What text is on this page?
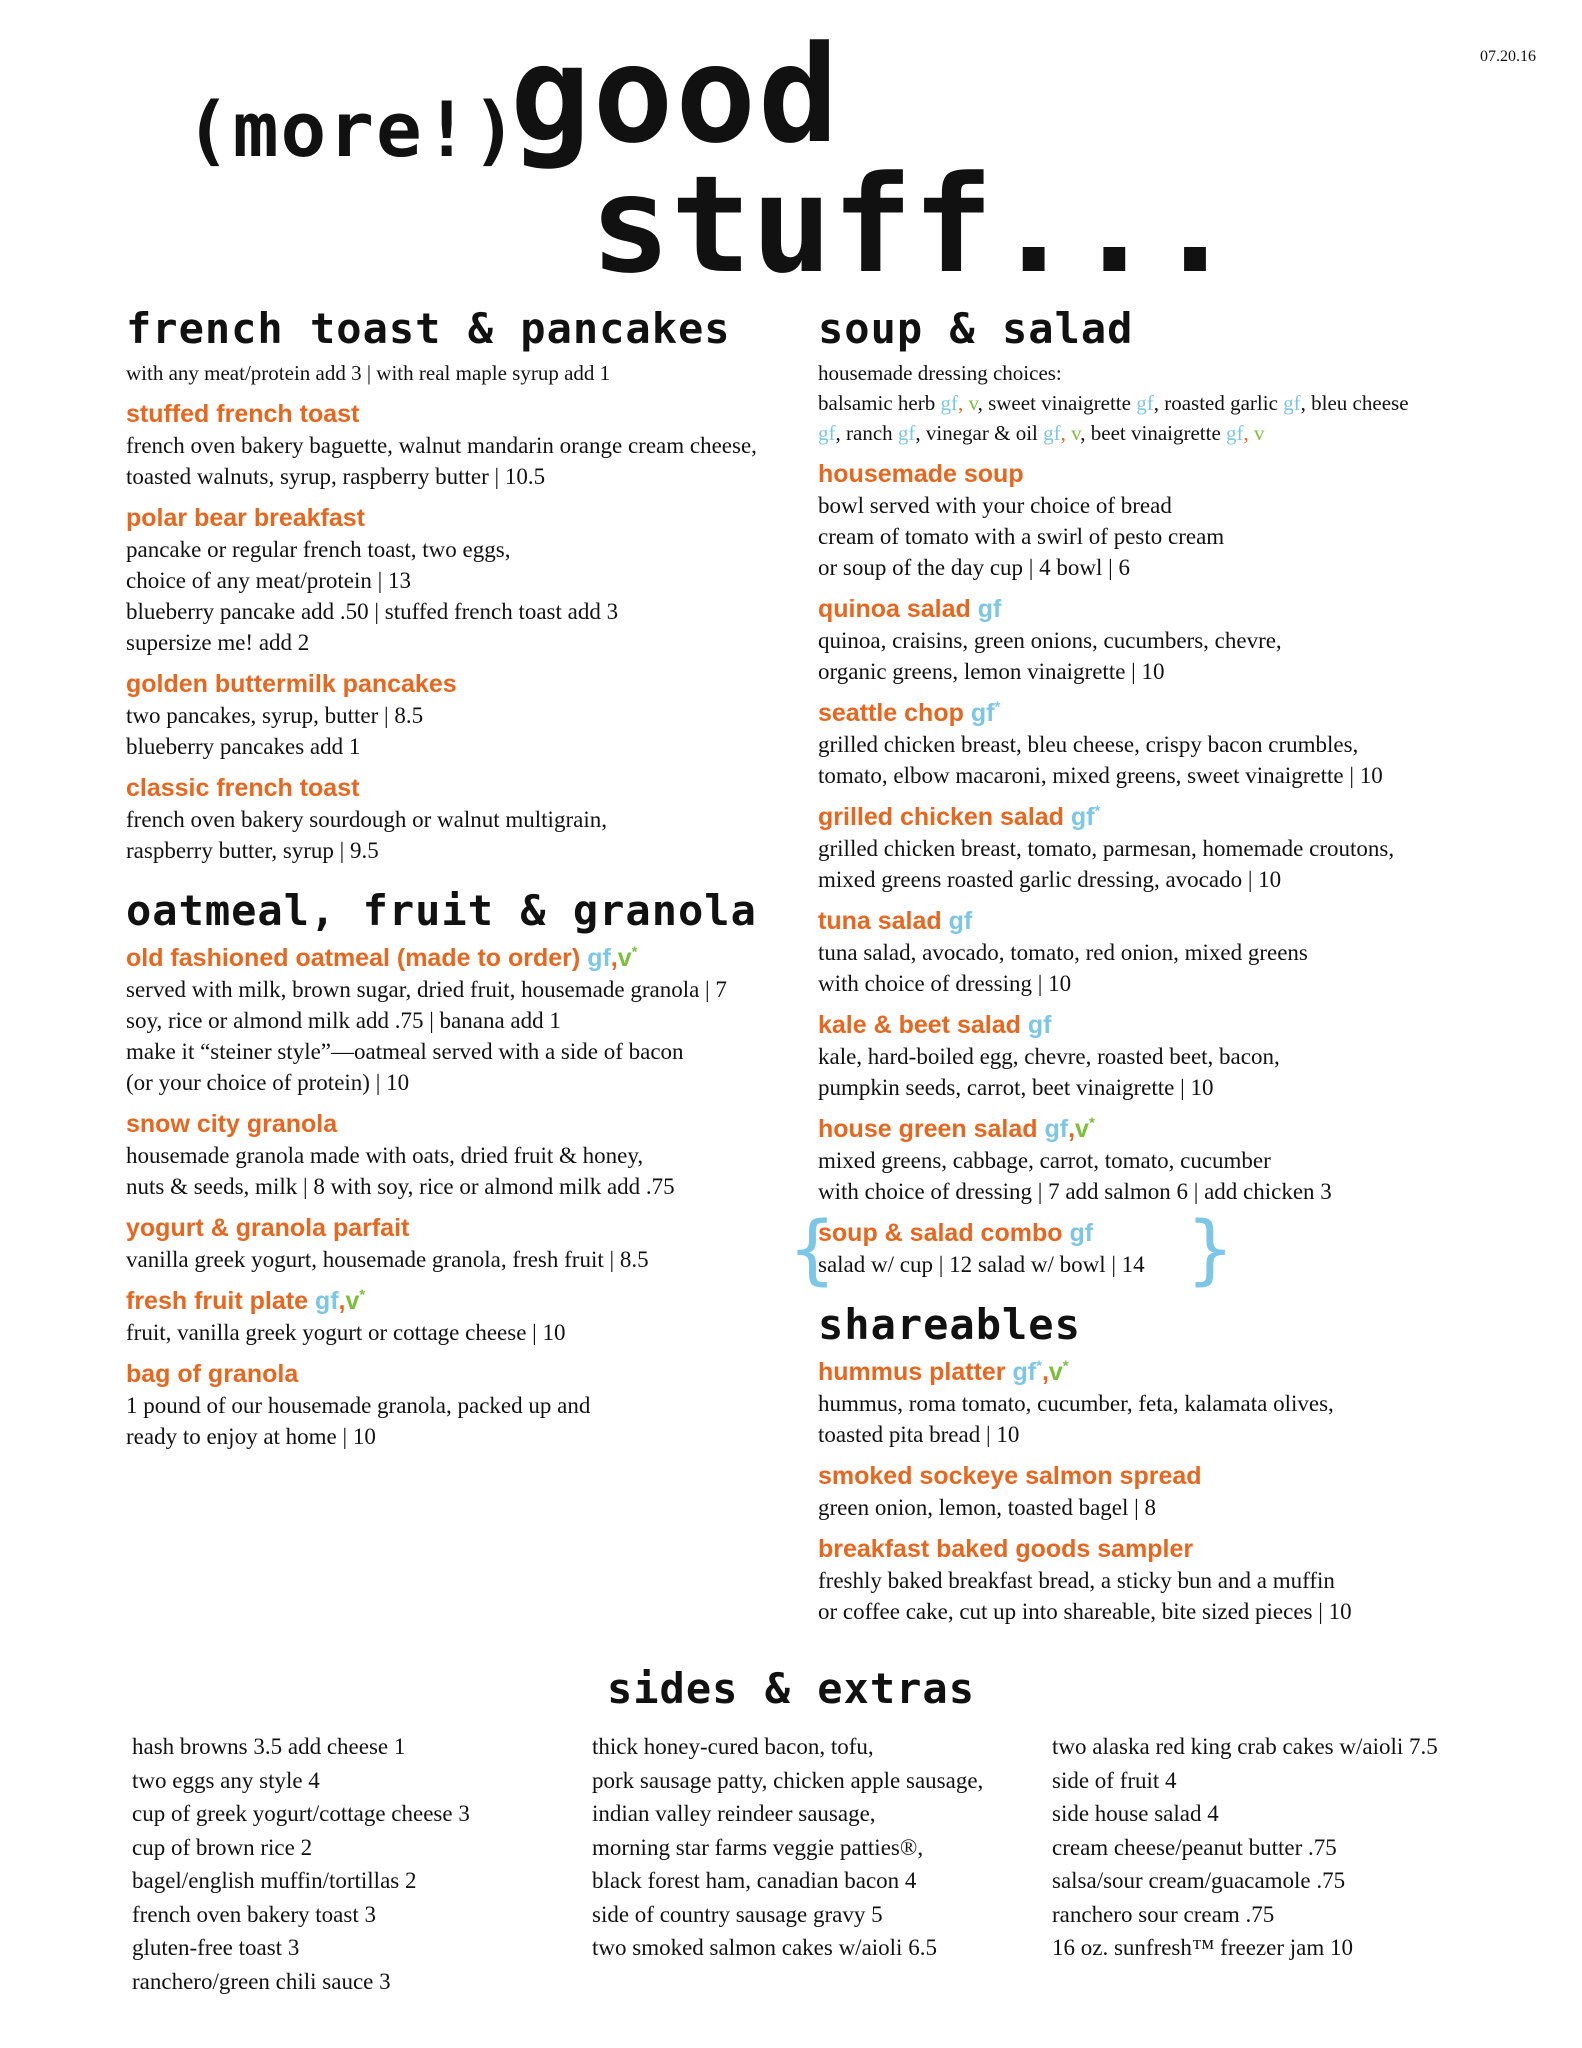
07.20.16
(more!)
good
stuff...
french toast & pancakes

with any meat/protein add 3 | with real maple syrup add 1

stuffed french toast
french oven bakery baguette, walnut mandarin orange cream cheese,
toasted walnuts, syrup, raspberry butter | 10.5
polar bear breakfast
pancake or regular french toast, two eggs,
choice of any meat/protein | 13
blueberry pancake add .50 | stuffed french toast add 3
supersize me! add 2
golden buttermilk pancakes
two pancakes, syrup, butter | 8.5
blueberry pancakes add 1
classic french toast
french oven bakery sourdough or walnut multigrain,
raspberry butter, syrup | 9.5
oatmeal, fruit & granola
old fashioned oatmeal (made to order) gf,v*
served with milk, brown sugar, dried fruit, housemade granola | 7
soy, rice or almond milk add .75 | banana add 1
make it “steiner style”—oatmeal served with a side of bacon
(or your choice of protein) | 10
snow city granola
housemade granola made with oats, dried fruit & honey,
nuts & seeds, milk | 8 with soy, rice or almond milk add .75
yogurt & granola parfait
vanilla greek yogurt, housemade granola, fresh fruit | 8.5
fresh fruit plate gf,v*
fruit, vanilla greek yogurt or cottage cheese | 10
bag of granola
1 pound of our housemade granola, packed up and
ready to enjoy at home | 10
soup & salad

housemade dressing choices:

balsamic herb gf, v, sweet vinaigrette gf, roasted garlic gf, bleu cheese

gf, ranch gf, vinegar & oil gf, v, beet vinaigrette gf, v

housemade soup
bowl served with your choice of bread
cream of tomato with a swirl of pesto cream
or soup of the day cup | 4 bowl | 6
quinoa salad gf
quinoa, craisins, green onions, cucumbers, chevre,
organic greens, lemon vinaigrette | 10
seattle chop gf*
grilled chicken breast, bleu cheese, crispy bacon crumbles,
tomato, elbow macaroni, mixed greens, sweet vinaigrette | 10
grilled chicken salad gf*
grilled chicken breast, tomato, parmesan, homemade croutons,
mixed greens roasted garlic dressing, avocado | 10
tuna salad gf
tuna salad, avocado, tomato, red onion, mixed greens
with choice of dressing | 10
kale & beet salad gf
kale, hard-boiled egg, chevre, roasted beet, bacon,
pumpkin seeds, carrot, beet vinaigrette | 10
house green salad gf,v*
mixed greens, cabbage, carrot, tomato, cucumber
with choice of dressing | 7 add salmon 6 | add chicken 3
{	}
soup & salad combo gf
salad w/ cup | 12 salad w/ bowl | 14
shareables
hummus platter gf*,v*
hummus, roma tomato, cucumber, feta, kalamata olives,
toasted pita bread | 10
smoked sockeye salmon spread
green onion, lemon, toasted bagel | 8
breakfast baked goods sampler
freshly baked breakfast bread, a sticky bun and a muffin
or coffee cake, cut up into shareable, bite sized pieces | 10
sides & extras
hash browns 3.5 add cheese 1
two eggs any style 4
cup of greek yogurt/cottage cheese 3
cup of brown rice 2
bagel/english muffin/tortillas 2
french oven bakery toast 3
gluten-free toast 3
ranchero/green chili sauce 3
thick honey-cured bacon, tofu,
pork sausage patty, chicken apple sausage,
indian valley reindeer sausage,
morning star farms veggie patties®,
black forest ham, canadian bacon 4
side of country sausage gravy 5
two smoked salmon cakes w/aioli 6.5
two alaska red king crab cakes w/aioli 7.5
side of fruit 4
side house salad 4
cream cheese/peanut butter .75
salsa/sour cream/guacamole .75
ranchero sour cream .75
16 oz. sunfresh™ freezer jam 10
